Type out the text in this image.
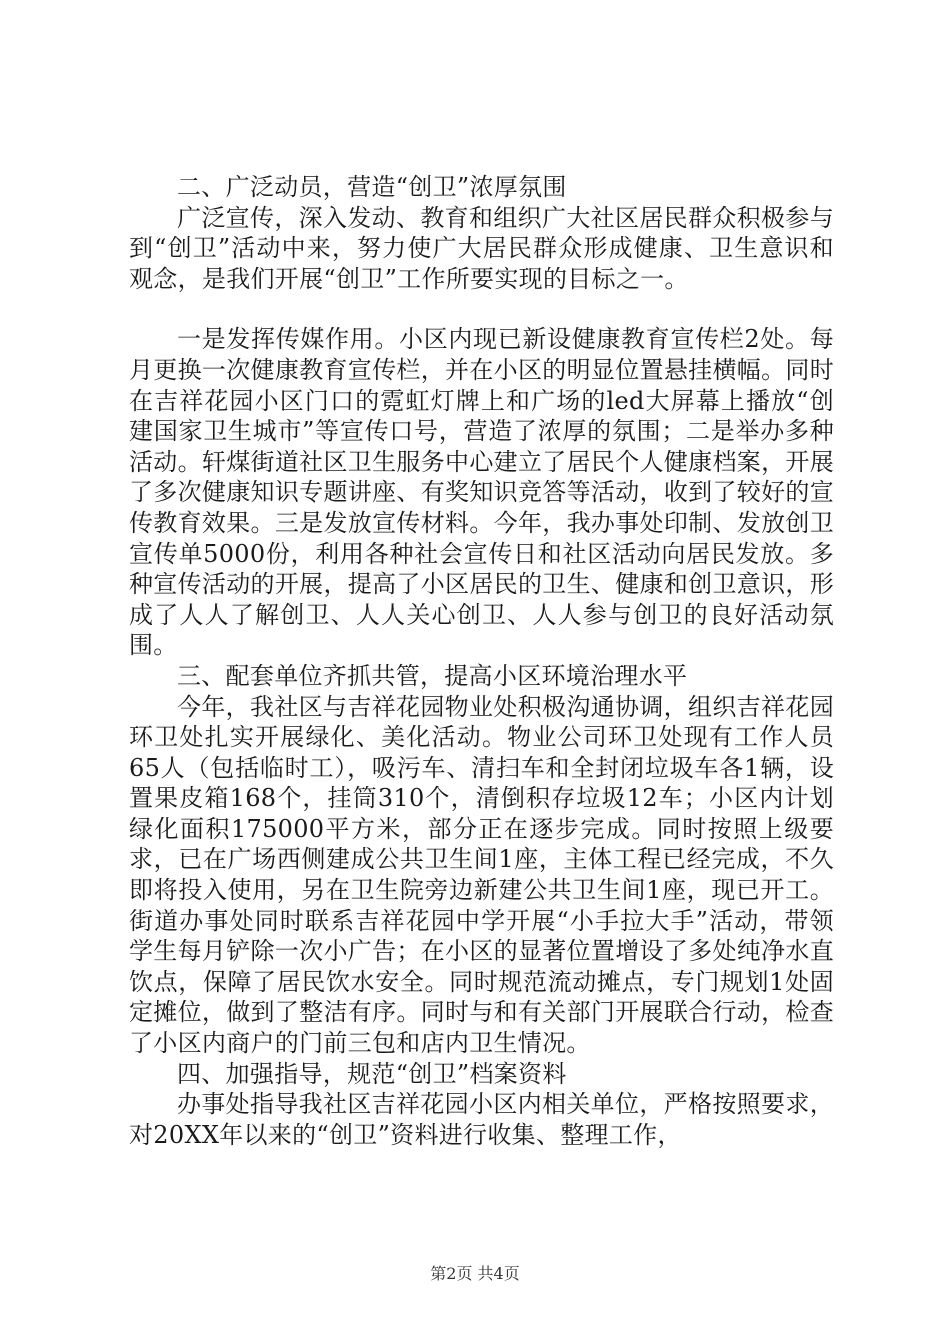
二、广泛动员，营造“创卫”浓厚氛围

广泛宣传，深入发动、教育和组织广大社区居民群众积极参与到“创卫”活动中来，努力使广大居民群众形成健康、卫生意识和观念，是我们开展“创卫”工作所要实现的目标之一。

一是发挥传媒作用。小区内现已新设健康教育宣传栏2处。每月更换一次健康教育宣传栏，并在小区的明显位置悬挂横幅。同时在吉祥花园小区门口的霓虹灯牌上和广场的led大屏幕上播放“创建国家卫生城市”等宣传口号，营造了浓厚的氛围；二是举办多种活动。轩煤街道社区卫生服务中心建立了居民个人健康档案，开展了多次健康知识专题讲座、有奖知识竞答等活动，收到了较好的宣传教育效果。三是发放宣传材料。今年，我办事处印制、发放创卫宣传单5000份，利用各种社会宣传日和社区活动向居民发放。多种宣传活动的开展，提高了小区居民的卫生、健康和创卫意识，形成了人人了解创卫、人人关心创卫、人人参与创卫的良好活动氛围。

三、配套单位齐抓共管，提高小区环境治理水平

今年，我社区与吉祥花园物业处积极沟通协调，组织吉祥花园环卫处扎实开展绿化、美化活动。物业公司环卫处现有工作人员65人（包括临时工），吸污车、清扫车和全封闭垃圾车各1辆，设置果皮箱168个，挂筒310个，清倒积存垃圾12车；小区内计划绿化面积175000平方米，部分正在逐步完成。同时按照上级要求，已在广场西侧建成公共卫生间1座，主体工程已经完成，不久即将投入使用，另在卫生院旁边新建公共卫生间1座，现已开工。街道办事处同时联系吉祥花园中学开展“小手拉大手”活动，带领学生每月铲除一次小广告；在小区的显著位置增设了多处纯净水直饮点，保障了居民饮水安全。同时规范流动摊点，专门规划1处固定摊位，做到了整洁有序。同时与和有关部门开展联合行动，检查了小区内商户的门前三包和店内卫生情况。

四、加强指导，规范“创卫”档案资料

办事处指导我社区吉祥花园小区内相关单位，严格按照要求，对20XX年以来的“创卫”资料进行收集、整理工作，

第2页 共4页
